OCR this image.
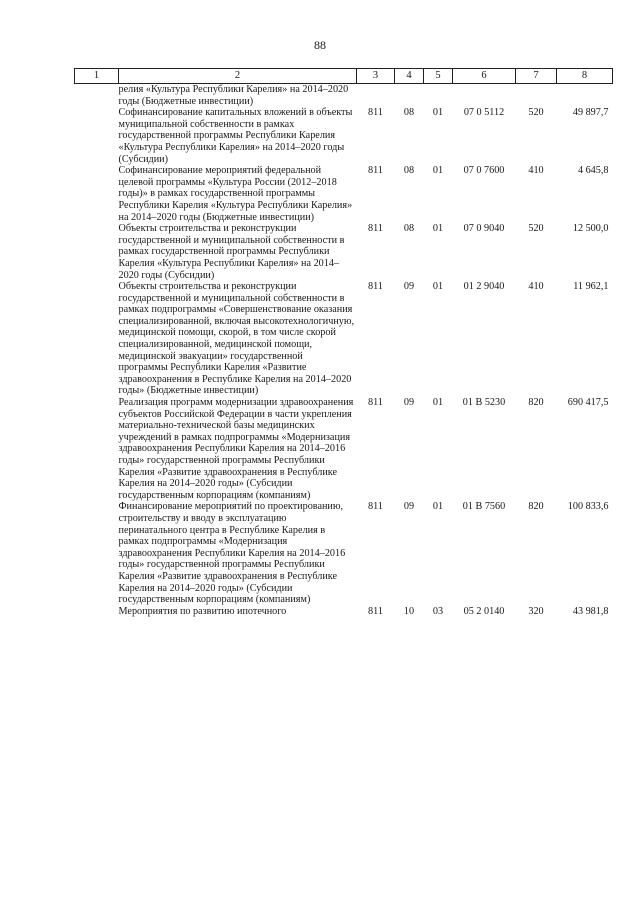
88
1	2	3	4	5	6	7	8
релия «Культура Республики Карелия» на 2014–2020 годы (Бюджетные инвестиции)							
Софинансирование капитальных вложений в объекты муниципальной собственности в рамках государственной программы Республики Карелия «Культура Республики Карелия» на 2014–2020 годы (Субсидии)		811	08	01	07 0 5112	520	49 897,7
Софинансирование мероприятий федеральной целевой программы «Культура России (2012–2018 годы)» в рамках государственной программы Республики Карелия «Культура Республики Карелия» на 2014–2020 годы (Бюджетные инвестиции)		811	08	01	07 0 7600	410	4 645,8
Объекты строительства и реконструкции государственной и муниципальной собственности в рамках государственной программы Республики Карелия «Культура Республики Карелия» на 2014–2020 годы (Субсидии)		811	08	01	07 0 9040	520	12 500,0
Объекты строительства и реконструкции государственной и муниципальной собственности в рамках подпрограммы «Совершенствование оказания специализированной, включая высокотехнологичную, медицинской помощи, скорой, в том числе скорой специализированной, медицинской помощи, медицинской эвакуации» государственной программы Республики Карелия «Развитие здравоохранения в Республике Карелия на 2014–2020 годы» (Бюджетные инвестиции)		811	09	01	01 2 9040	410	11 962,1
Реализация программ модернизации здравоохранения субъектов Российской Федерации в части укрепления материально-технической базы медицинских учреждений в рамках подпрограммы «Модернизация здравоохранения Республики Карелия на 2014–2016 годы» государственной программы Республики Карелия «Развитие здравоохранения в Республике Карелия на 2014–2020 годы» (Субсидии государственным корпорациям (компаниям)		811	09	01	01 В 5230	820	690 417,5
Финансирование мероприятий по проектированию, строительству и вводу в эксплуатацию перинатального центра в Республике Карелия в рамках подпрограммы «Модернизация здравоохранения Республики Карелия на 2014–2016 годы» государственной программы Республики Карелия «Развитие здравоохранения в Республике Карелия на 2014–2020 годы» (Субсидии государственным корпорациям (компаниям)		811	09	01	01 В 7560	820	100 833,6
Мероприятия по развитию ипотечного		811	10	03	05 2 0140	320	43 981,8
